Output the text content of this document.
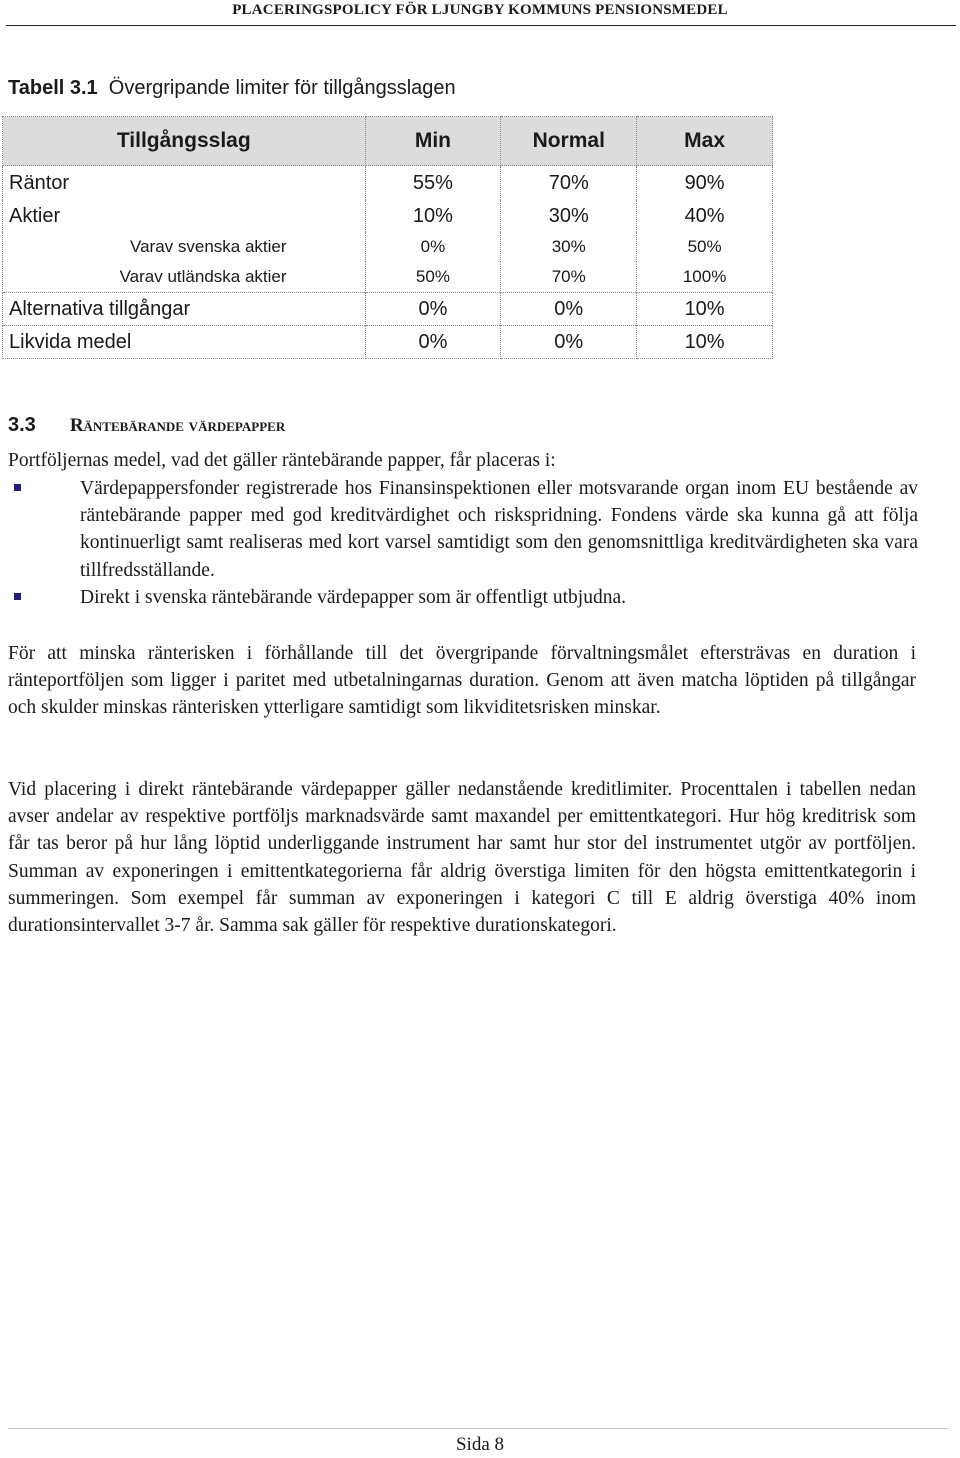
PLACERINGSPOLICY FÖR LJUNGBY KOMMUNS PENSIONSMEDEL
Tabell 3.1 Övergripande limiter för tillgångsslagen
Tillgångsslag	Min	Normal	Max
Räntor	55%	70%	90%
Aktier	10%	30%	40%
Varav svenska aktier	0%	30%	50%
Varav utländska aktier	50%	70%	100%
Alternativa tillgångar	0%	0%	10%
Likvida medel	0%	0%	10%
3.3 Räntebärande värdepapper
Portföljernas medel, vad det gäller räntebärande papper, får placeras i:
Värdepappersfonder registrerade hos Finansinspektionen eller motsvarande organ inom EU bestående av räntebärande papper med god kreditvärdighet och riskspridning. Fondens värde ska kunna gå att följa kontinuerligt samt realiseras med kort varsel samtidigt som den genomsnittliga kreditvärdigheten ska vara tillfredsställande.
Direkt i svenska räntebärande värdepapper som är offentligt utbjudna.

För att minska ränterisken i förhållande till det övergripande förvaltningsmålet eftersträvas en duration i ränteportföljen som ligger i paritet med utbetalningarnas duration. Genom att även matcha löptiden på tillgångar och skulder minskas ränterisken ytterligare samtidigt som likviditetsrisken minskar.

Vid placering i direkt räntebärande värdepapper gäller nedanstående kreditlimiter. Procenttalen i tabellen nedan avser andelar av respektive portföljs marknadsvärde samt maxandel per emittentkategori. Hur hög kreditrisk som får tas beror på hur lång löptid underliggande instrument har samt hur stor del instrumentet utgör av portföljen. Summan av exponeringen i emittentkategorierna får aldrig överstiga limiten för den högsta emittentkategorin i summeringen. Som exempel får summan av exponeringen i kategori C till E aldrig överstiga 40% inom durationsintervallet 3-7 år. Samma sak gäller för respektive durationskategori.

Sida 8
